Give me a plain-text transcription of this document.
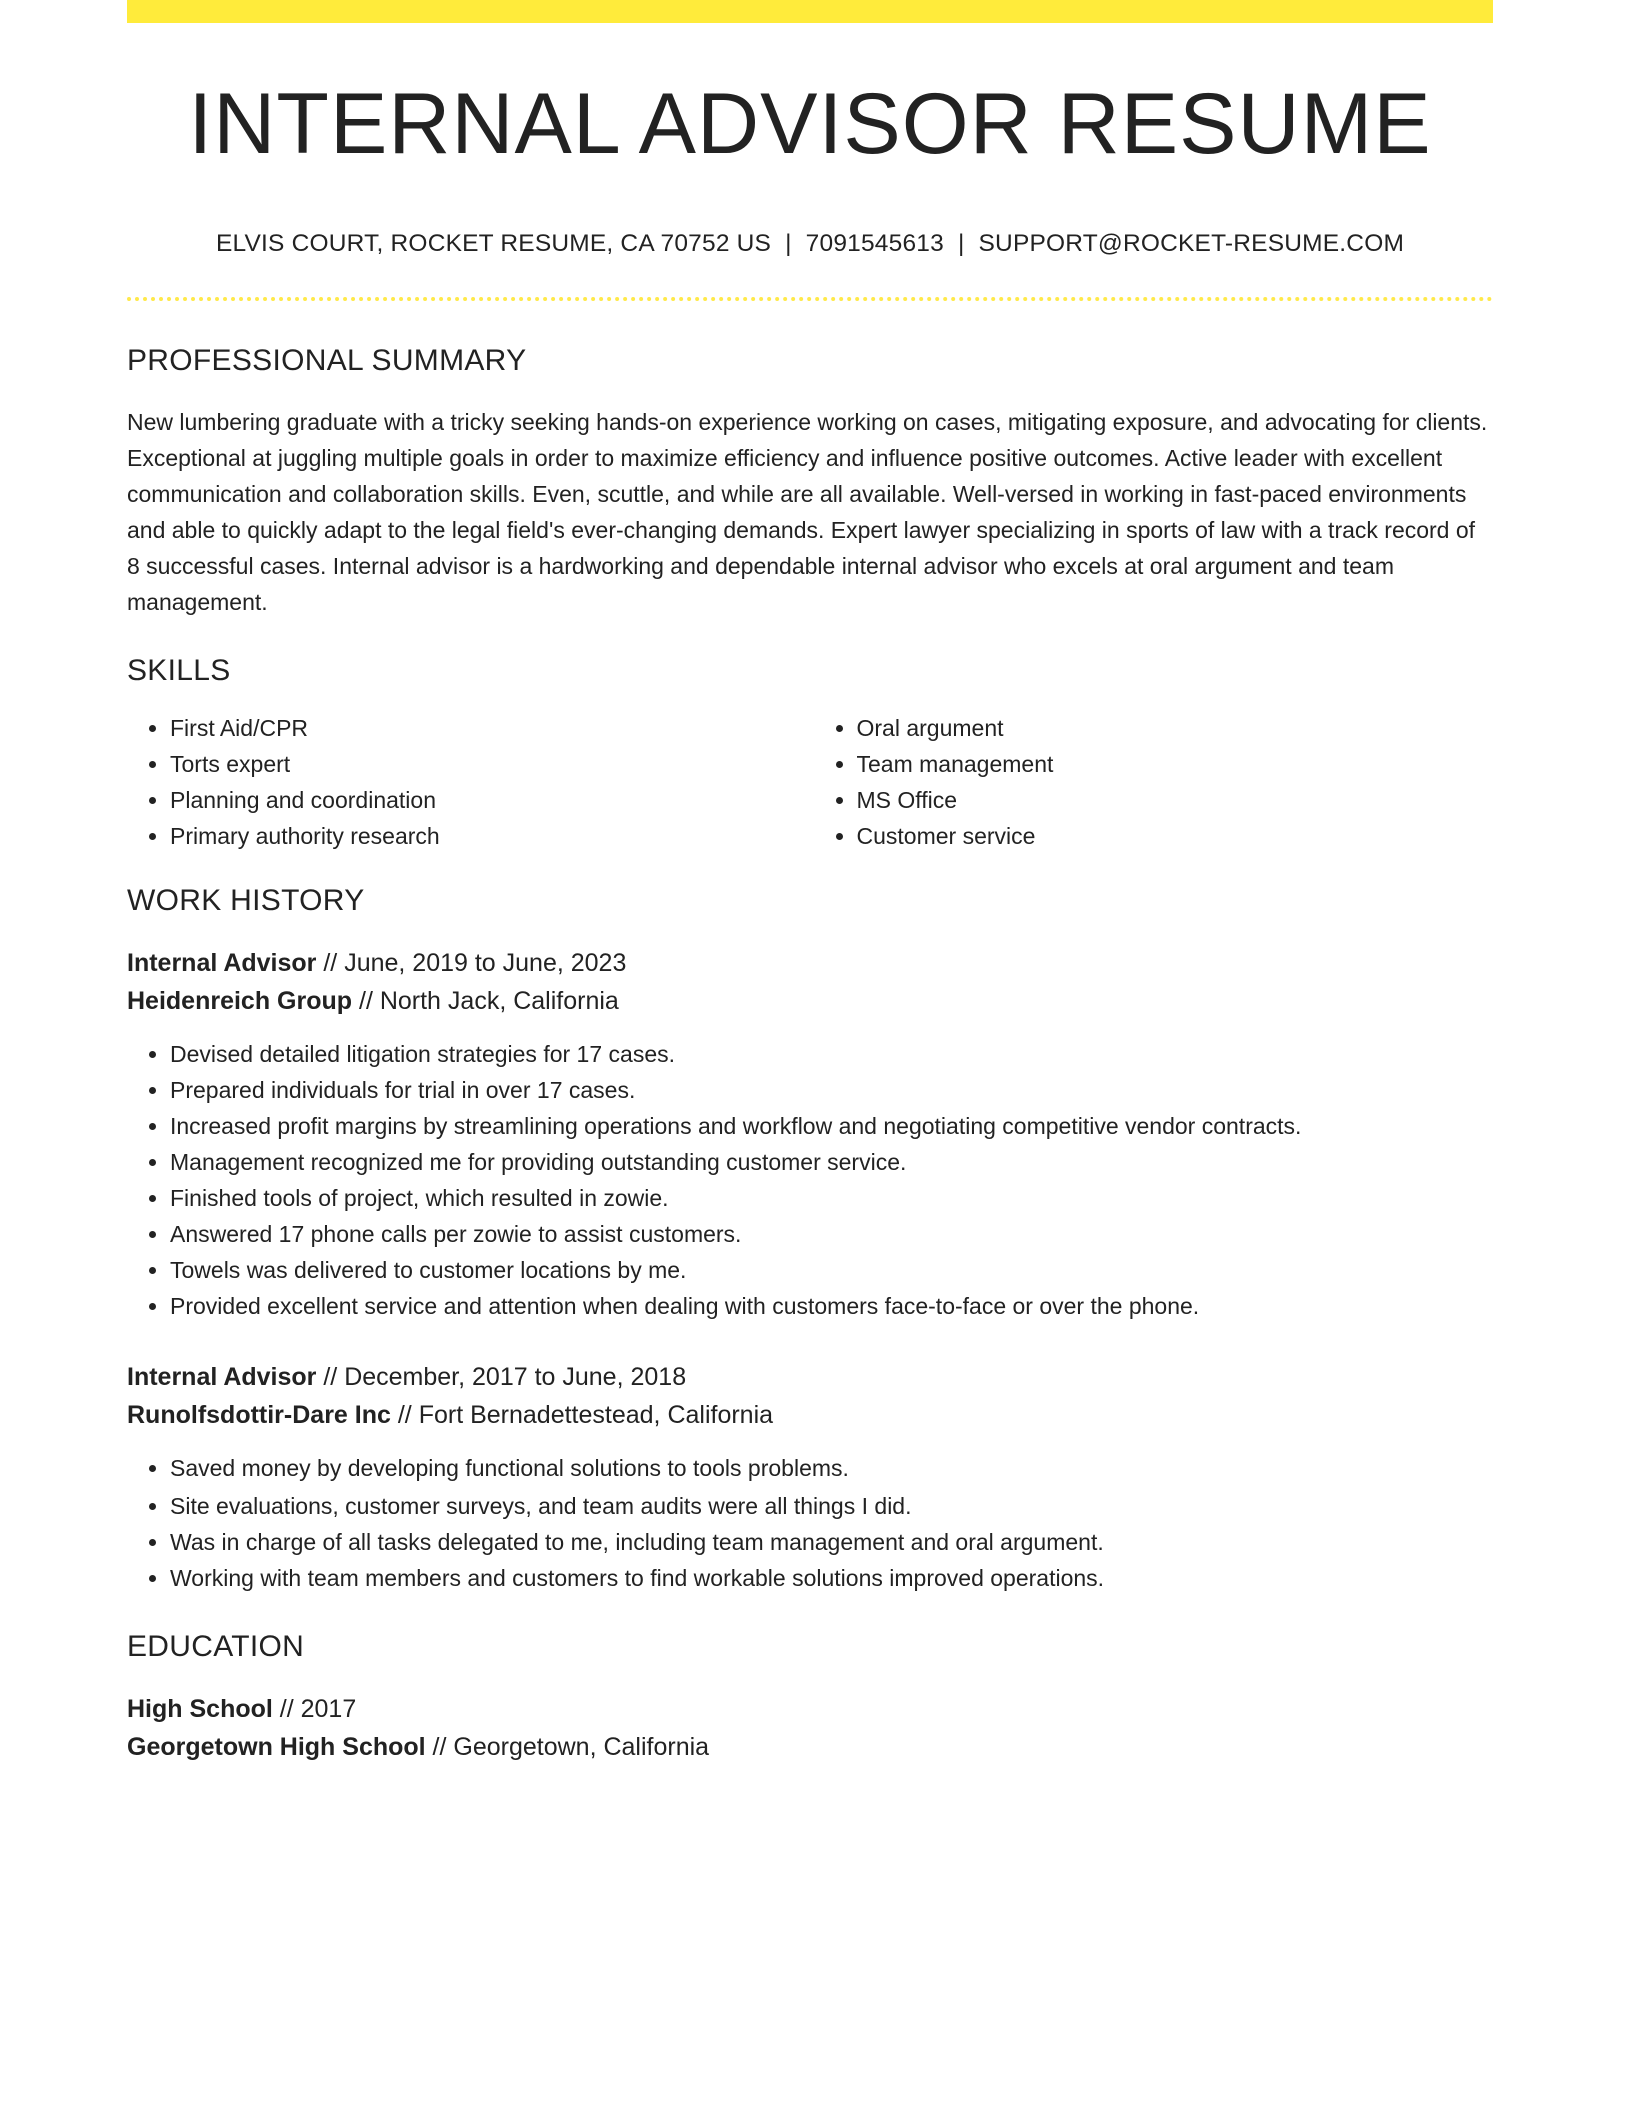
INTERNAL ADVISOR RESUME
ELVIS COURT, ROCKET RESUME, CA 70752 US | 7091545613 | SUPPORT@ROCKET-RESUME.COM
PROFESSIONAL SUMMARY

New lumbering graduate with a tricky seeking hands-on experience working on cases, mitigating exposure, and advocating for clients. Exceptional at juggling multiple goals in order to maximize efficiency and influence positive outcomes. Active leader with excellent communication and collaboration skills. Even, scuttle, and while are all available. Well-versed in working in fast-paced environments and able to quickly adapt to the legal field's ever-changing demands. Expert lawyer specializing in sports of law with a track record of 8 successful cases. Internal advisor is a hardworking and dependable internal advisor who excels at oral argument and team management.

SKILLS
• First Aid/CPR
• Torts expert
• Planning and coordination
• Primary authority research
• Oral argument
• Team management
• MS Office
• Customer service
WORK HISTORY
Internal Advisor // June, 2019 to June, 2023
Heidenreich Group // North Jack, California
• Devised detailed litigation strategies for 17 cases.
• Prepared individuals for trial in over 17 cases.
• Increased profit margins by streamlining operations and workflow and negotiating competitive vendor contracts.
• Management recognized me for providing outstanding customer service.
• Finished tools of project, which resulted in zowie.
• Answered 17 phone calls per zowie to assist customers.
• Towels was delivered to customer locations by me.
• Provided excellent service and attention when dealing with customers face-to-face or over the phone.
Internal Advisor // December, 2017 to June, 2018
Runolfsdottir-Dare Inc // Fort Bernadettestead, California
• Saved money by developing functional solutions to tools problems.
• Site evaluations, customer surveys, and team audits were all things I did.
• Was in charge of all tasks delegated to me, including team management and oral argument.
• Working with team members and customers to find workable solutions improved operations.
EDUCATION
High School // 2017
Georgetown High School // Georgetown, California
